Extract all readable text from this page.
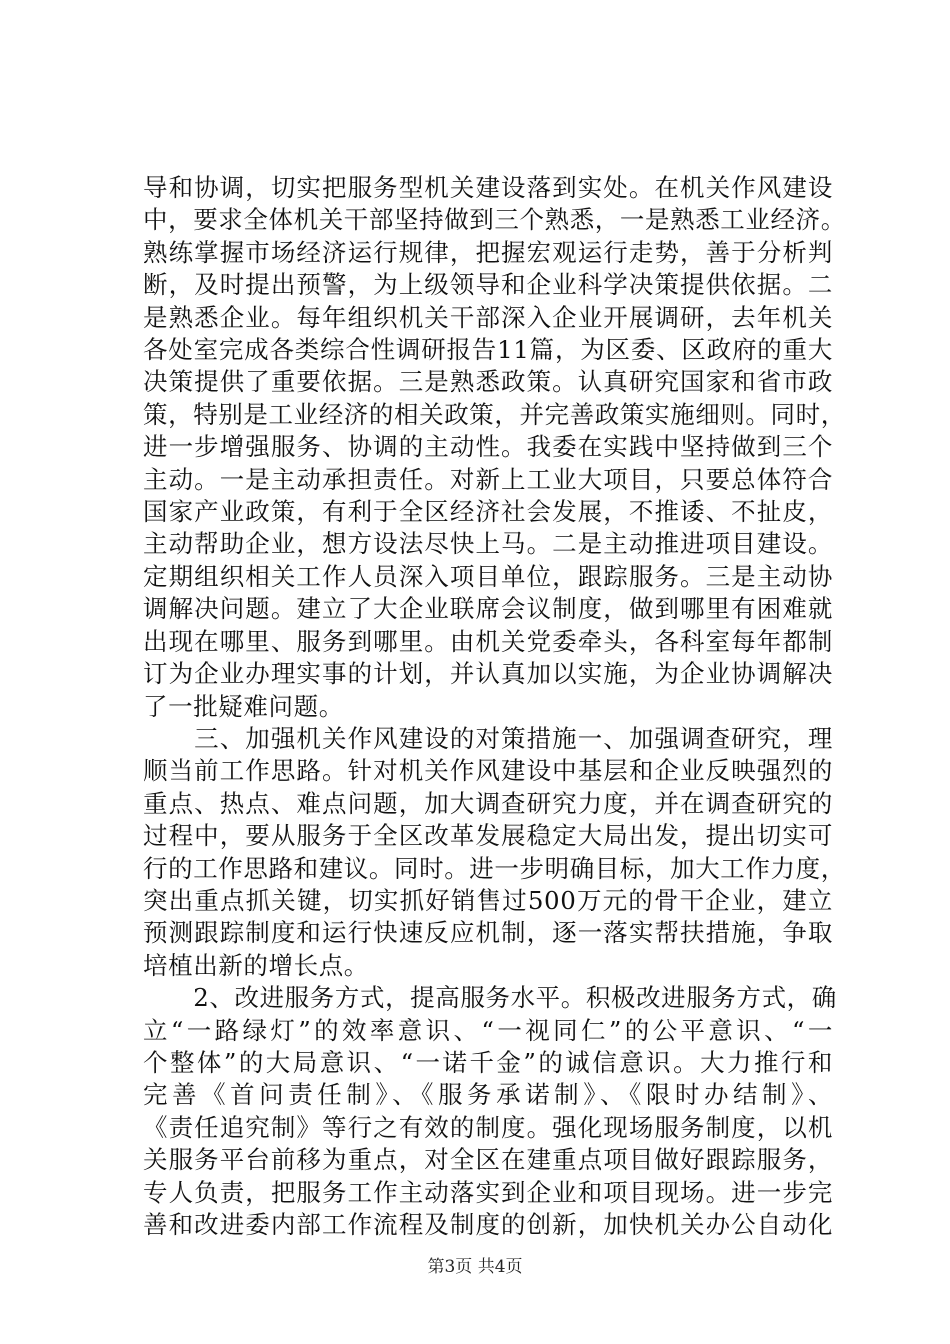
导和协调，切实把服务型机关建设落到实处。在机关作风建设
中，要求全体机关干部坚持做到三个熟悉，一是熟悉工业经济。
熟练掌握市场经济运行规律，把握宏观运行走势，善于分析判
断，及时提出预警，为上级领导和企业科学决策提供依据。二
是熟悉企业。每年组织机关干部深入企业开展调研，去年机关
各处室完成各类综合性调研报告11篇，为区委、区政府的重大
决策提供了重要依据。三是熟悉政策。认真研究国家和省市政
策，特别是工业经济的相关政策，并完善政策实施细则。同时，
进一步增强服务、协调的主动性。我委在实践中坚持做到三个
主动。一是主动承担责任。对新上工业大项目，只要总体符合
国家产业政策，有利于全区经济社会发展，不推诿、不扯皮，
主动帮助企业，想方设法尽快上马。二是主动推进项目建设。
定期组织相关工作人员深入项目单位，跟踪服务。三是主动协
调解决问题。建立了大企业联席会议制度，做到哪里有困难就
出现在哪里、服务到哪里。由机关党委牵头，各科室每年都制
订为企业办理实事的计划，并认真加以实施，为企业协调解决
了一批疑难问题。
　　三、加强机关作风建设的对策措施一、加强调查研究，理
顺当前工作思路。针对机关作风建设中基层和企业反映强烈的
重点、热点、难点问题，加大调查研究力度，并在调查研究的
过程中，要从服务于全区改革发展稳定大局出发，提出切实可
行的工作思路和建议。同时。进一步明确目标，加大工作力度，
突出重点抓关键，切实抓好销售过500万元的骨干企业，建立
预测跟踪制度和运行快速反应机制，逐一落实帮扶措施，争取
培植出新的增长点。
　　2、改进服务方式，提高服务水平。积极改进服务方式，确
立“一路绿灯”的效率意识、“一视同仁”的公平意识、“一
个整体”的大局意识、“一诺千金”的诚信意识。大力推行和
完善《首问责任制》、《服务承诺制》、《限时办结制》、
《责任追究制》等行之有效的制度。强化现场服务制度，以机
关服务平台前移为重点，对全区在建重点项目做好跟踪服务，
专人负责，把服务工作主动落实到企业和项目现场。进一步完
善和改进委内部工作流程及制度的创新，加快机关办公自动化
第3页 共4页
